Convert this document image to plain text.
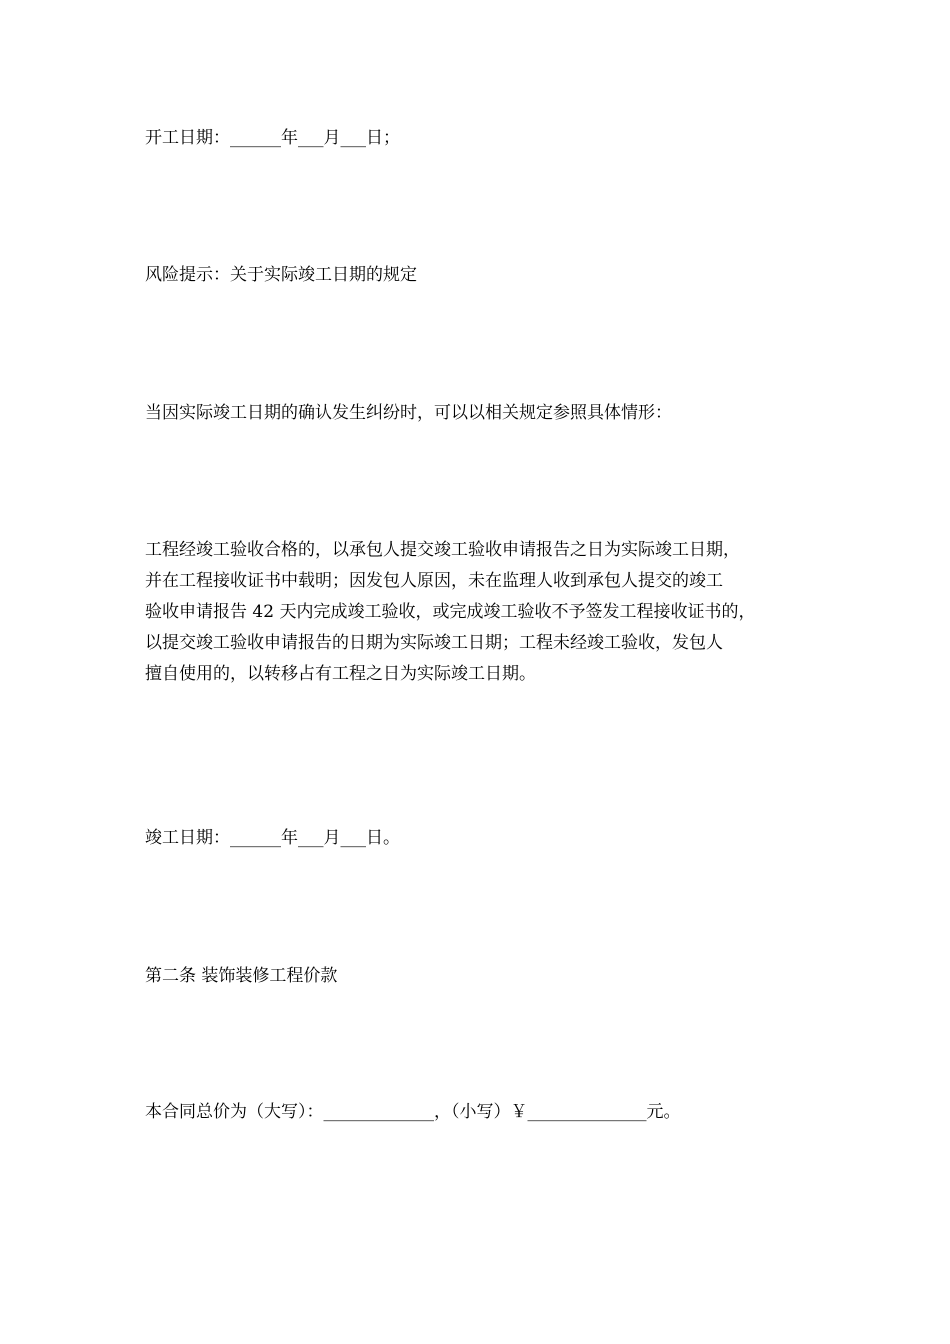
开工日期：______年___月___日；
风险提示：关于实际竣工日期的规定
当因实际竣工日期的确认发生纠纷时，可以以相关规定参照具体情形：
工程经竣工验收合格的，以承包人提交竣工验收申请报告之日为实际竣工日期，
并在工程接收证书中载明；因发包人原因，未在监理人收到承包人提交的竣工
验收申请报告 42 天内完成竣工验收，或完成竣工验收不予签发工程接收证书的，
以提交竣工验收申请报告的日期为实际竣工日期；工程未经竣工验收，发包人
擅自使用的，以转移占有工程之日为实际竣工日期。
竣工日期：______年___月___日。
第二条 装饰装修工程价款
本合同总价为（大写）：_____________，（小写）￥______________元。
